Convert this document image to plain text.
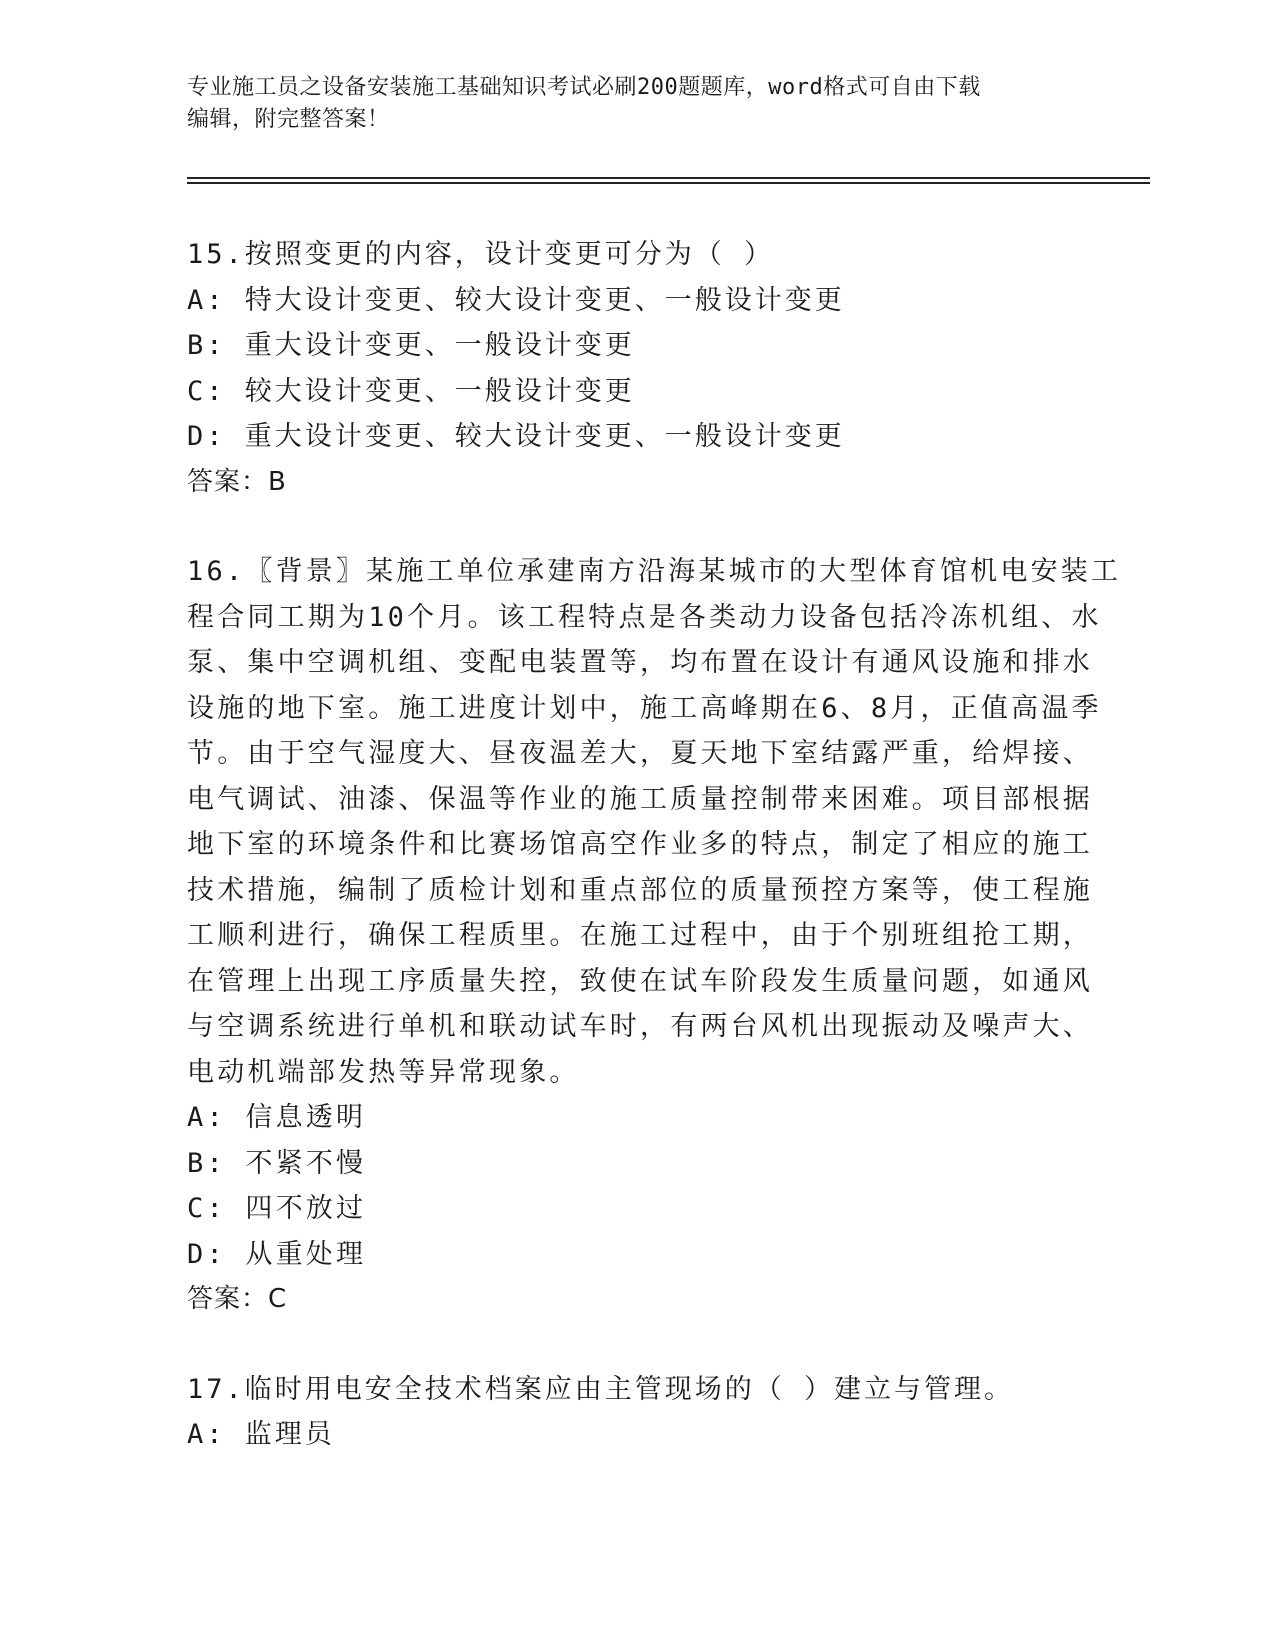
专业施工员之设备安装施工基础知识考试必刷200题题库，word格式可自由下载
编辑，附完整答案！
15.按照变更的内容，设计变更可分为（ ）
A: 特大设计变更、较大设计变更、一般设计变更
B: 重大设计变更、一般设计变更
C: 较大设计变更、一般设计变更
D: 重大设计变更、较大设计变更、一般设计变更
答案：B
16.〖背景〗某施工单位承建南方沿海某城市的大型体育馆机电安装工
程合同工期为10个月。该工程特点是各类动力设备包括冷冻机组、水
泵、集中空调机组、变配电装置等，均布置在设计有通风设施和排水
设施的地下室。施工进度计划中，施工高峰期在6、8月，正值高温季
节。由于空气湿度大、昼夜温差大，夏天地下室结露严重，给焊接、
电气调试、油漆、保温等作业的施工质量控制带来困难。项目部根据
地下室的环境条件和比赛场馆高空作业多的特点，制定了相应的施工
技术措施，编制了质检计划和重点部位的质量预控方案等，使工程施
工顺利进行，确保工程质里。在施工过程中，由于个别班组抢工期，
在管理上出现工序质量失控，致使在试车阶段发生质量问题，如通风
与空调系统进行单机和联动试车时，有两台风机出现振动及噪声大、
电动机端部发热等异常现象。
A: 信息透明
B: 不紧不慢
C: 四不放过
D: 从重处理
答案：C
17.临时用电安全技术档案应由主管现场的（ ）建立与管理。
A: 监理员
